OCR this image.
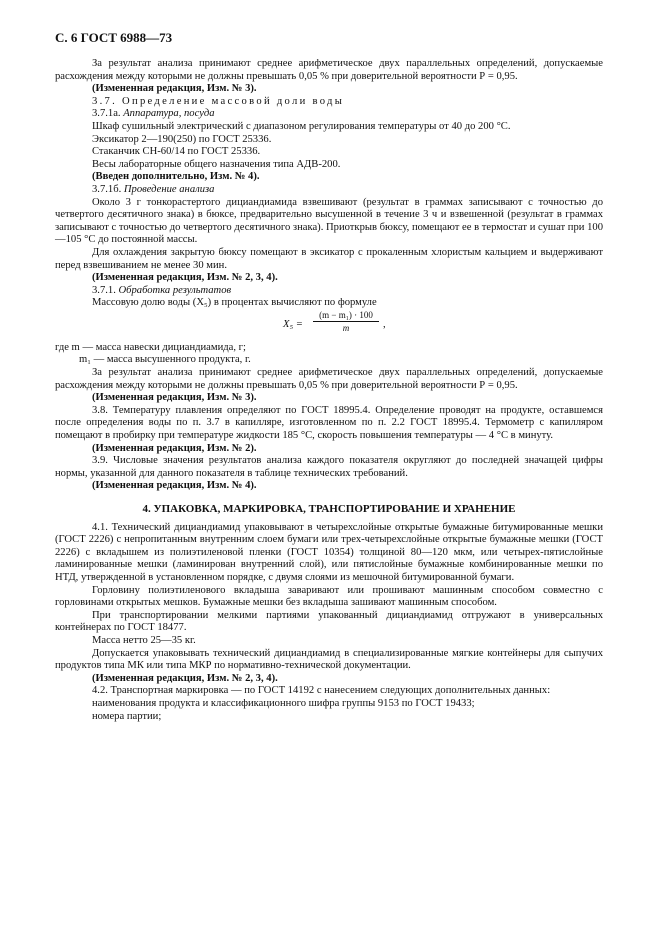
С. 6 ГОСТ 6988—73

За результат анализа принимают среднее арифметическое двух параллельных определений, допускаемые расхождения между которыми не должны превышать 0,05 % при доверительной вероятности Р = 0,95.

(Измененная редакция, Изм. № 3).

3.7. Определение массовой доли воды

3.7.1а. Аппаратура, посуда

Шкаф сушильный электрический с диапазоном регулирования температуры от 40 до 200 °С.

Эксикатор 2—190(250) по ГОСТ 25336.

Стаканчик СН-60/14 по ГОСТ 25336.

Весы лабораторные общего назначения типа АДВ-200.

(Введен дополнительно, Изм. № 4).

3.7.1б. Проведение анализа

Около 3 г тонкорастертого дициандиамида взвешивают (результат в граммах записывают с точностью до четвертого десятичного знака) в бюксе, предварительно высушенной в течение 3 ч и взвешенной (результат в граммах записывают с точностью до четвертого десятичного знака). Приоткрыв бюксу, помещают ее в термостат и сушат при 100—105 °С до постоянной массы.

Для охлаждения закрытую бюксу помещают в эксикатор с прокаленным хлористым кальцием и выдерживают перед взвешиванием не менее 30 мин.

(Измененная редакция, Изм. № 2, 3, 4).

3.7.1. Обработка результатов

Массовую долю воды (X₅) в процентах вычисляют по формуле

$X_5 = \frac{\text{(m − m₁) · 100}}{m}$ ,

где m — масса навески дициандиамида, г;

m₁ — масса высушенного продукта, г.

За результат анализа принимают среднее арифметическое двух параллельных определений, допускаемые расхождения между которыми не должны превышать 0,05 % при доверительной вероятности Р = 0,95.

(Измененная редакция, Изм. № 3).

3.8. Температуру плавления определяют по ГОСТ 18995.4. Определение проводят на продукте, оставшемся после определения воды по п. 3.7 в капилляре, изготовленном по п. 2.2 ГОСТ 18995.4. Термометр с капилляром помещают в пробирку при температуре жидкости 185 °С, скорость повышения температуры — 4 °С в минуту.

(Измененная редакция, Изм. № 2).

3.9. Числовые значения результатов анализа каждого показателя округляют до последней значащей цифры нормы, указанной для данного показателя в таблице технических требований.

(Измененная редакция, Изм. № 4).

4. УПАКОВКА, МАРКИРОВКА, ТРАНСПОРТИРОВАНИЕ И ХРАНЕНИЕ

4.1. Технический дициандиамид упаковывают в четырехслойные открытые бумажные битумированные мешки (ГОСТ 2226) с непропитанным внутренним слоем бумаги или трех-четырехслойные открытые бумажные мешки (ГОСТ 2226) с вкладышем из полиэтиленовой пленки (ГОСТ 10354) толщиной 80—120 мкм, или четырех-пятислойные ламинированные мешки (ламинирован внутренний слой), или пятислойные бумажные комбинированные мешки по НТД, утвержденной в установленном порядке, с двумя слоями из мешочной битумированной бумаги.

Горловину полиэтиленового вкладыша заваривают или прошивают машинным способом совместно с горловинами открытых мешков. Бумажные мешки без вкладыша зашивают машинным способом.

При транспортировании мелкими партиями упакованный дициандиамид отгружают в универсальных контейнерах по ГОСТ 18477.

Масса нетто 25—35 кг.

Допускается упаковывать технический дициандиамид в специализированные мягкие контейнеры для сыпучих продуктов типа МК или типа МКР по нормативно-технической документации.

(Измененная редакция, Изм. № 2, 3, 4).

4.2. Транспортная маркировка — по ГОСТ 14192 с нанесением следующих дополнительных данных:

наименования продукта и классификационного шифра группы 9153 по ГОСТ 19433;

номера партии;
